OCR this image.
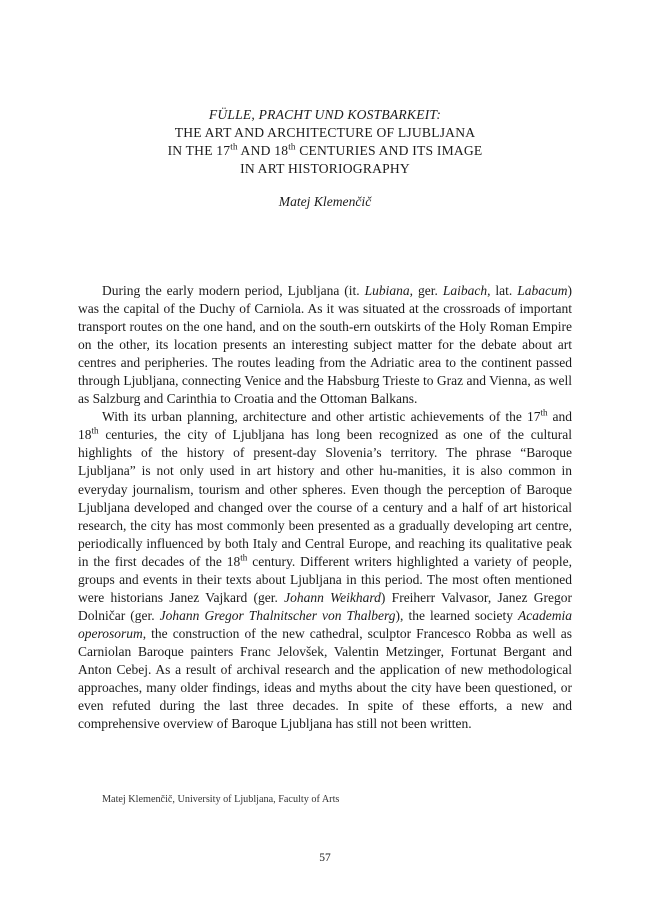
FÜLLE, PRACHT UND KOSTBARKEIT:
THE ART AND ARCHITECTURE OF LJUBLJANA
IN THE 17th AND 18th CENTURIES AND ITS IMAGE
IN ART HISTORIOGRAPHY
Matej Klemenčič

During the early modern period, Ljubljana (it. Lubiana, ger. Laibach, lat. Labacum) was the capital of the Duchy of Carniola. As it was situated at the crossroads of important transport routes on the one hand, and on the south-ern outskirts of the Holy Roman Empire on the other, its location presents an interesting subject matter for the debate about art centres and peripheries. The routes leading from the Adriatic area to the continent passed through Ljubljana, connecting Venice and the Habsburg Trieste to Graz and Vienna, as well as Salzburg and Carinthia to Croatia and the Ottoman Balkans.

With its urban planning, architecture and other artistic achievements of the 17th and 18th centuries, the city of Ljubljana has long been recognized as one of the cultural highlights of the history of present-day Slovenia’s territory. The phrase “Baroque Ljubljana” is not only used in art history and other hu-manities, it is also common in everyday journalism, tourism and other spheres. Even though the perception of Baroque Ljubljana developed and changed over the course of a century and a half of art historical research, the city has most commonly been presented as a gradually developing art centre, periodically influenced by both Italy and Central Europe, and reaching its qualitative peak in the first decades of the 18th century. Different writers highlighted a variety of people, groups and events in their texts about Ljubljana in this period. The most often mentioned were historians Janez Vajkard (ger. Johann Weikhard) Freiherr Valvasor, Janez Gregor Dolničar (ger. Johann Gregor Thalnitscher von Thalberg), the learned society Academia operosorum, the construction of the new cathedral, sculptor Francesco Robba as well as Carniolan Baroque painters Franc Jelovšek, Valentin Metzinger, Fortunat Bergant and Anton Cebej. As a result of archival research and the application of new methodological approaches, many older findings, ideas and myths about the city have been questioned, or even refuted during the last three decades. In spite of these efforts, a new and comprehensive overview of Baroque Ljubljana has still not been written.

Matej Klemenčič, University of Ljubljana, Faculty of Arts
57
